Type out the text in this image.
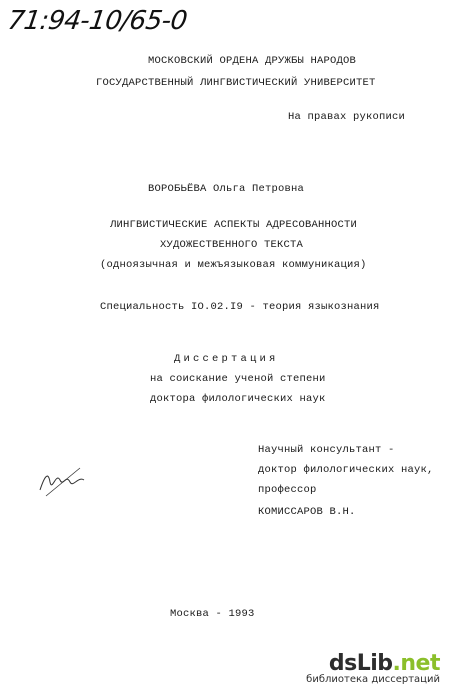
71:94-10/65-0
МОСКОВСКИЙ ОРДЕНА ДРУЖБЫ НАРОДОВ
ГОСУДАРСТВЕННЫЙ ЛИНГВИСТИЧЕСКИЙ УНИВЕРСИТЕТ
На правах рукописи
ВОРОБЬЁВА Ольга Петровна
ЛИНГВИСТИЧЕСКИЕ АСПЕКТЫ АДРЕСОВАННОСТИ
ХУДОЖЕСТВЕННОГО ТЕКСТА
(одноязычная и межъязыковая коммуникация)
Специальность IO.02.I9 - теория языкознания
Диссертация
на соискание ученой степени
доктора филологических наук
Научный консультант -
доктор филологических наук,
профессор
КОМИССАРОВ В.Н.
Москва - 1993
dsLib.net
библиотека диссертаций
